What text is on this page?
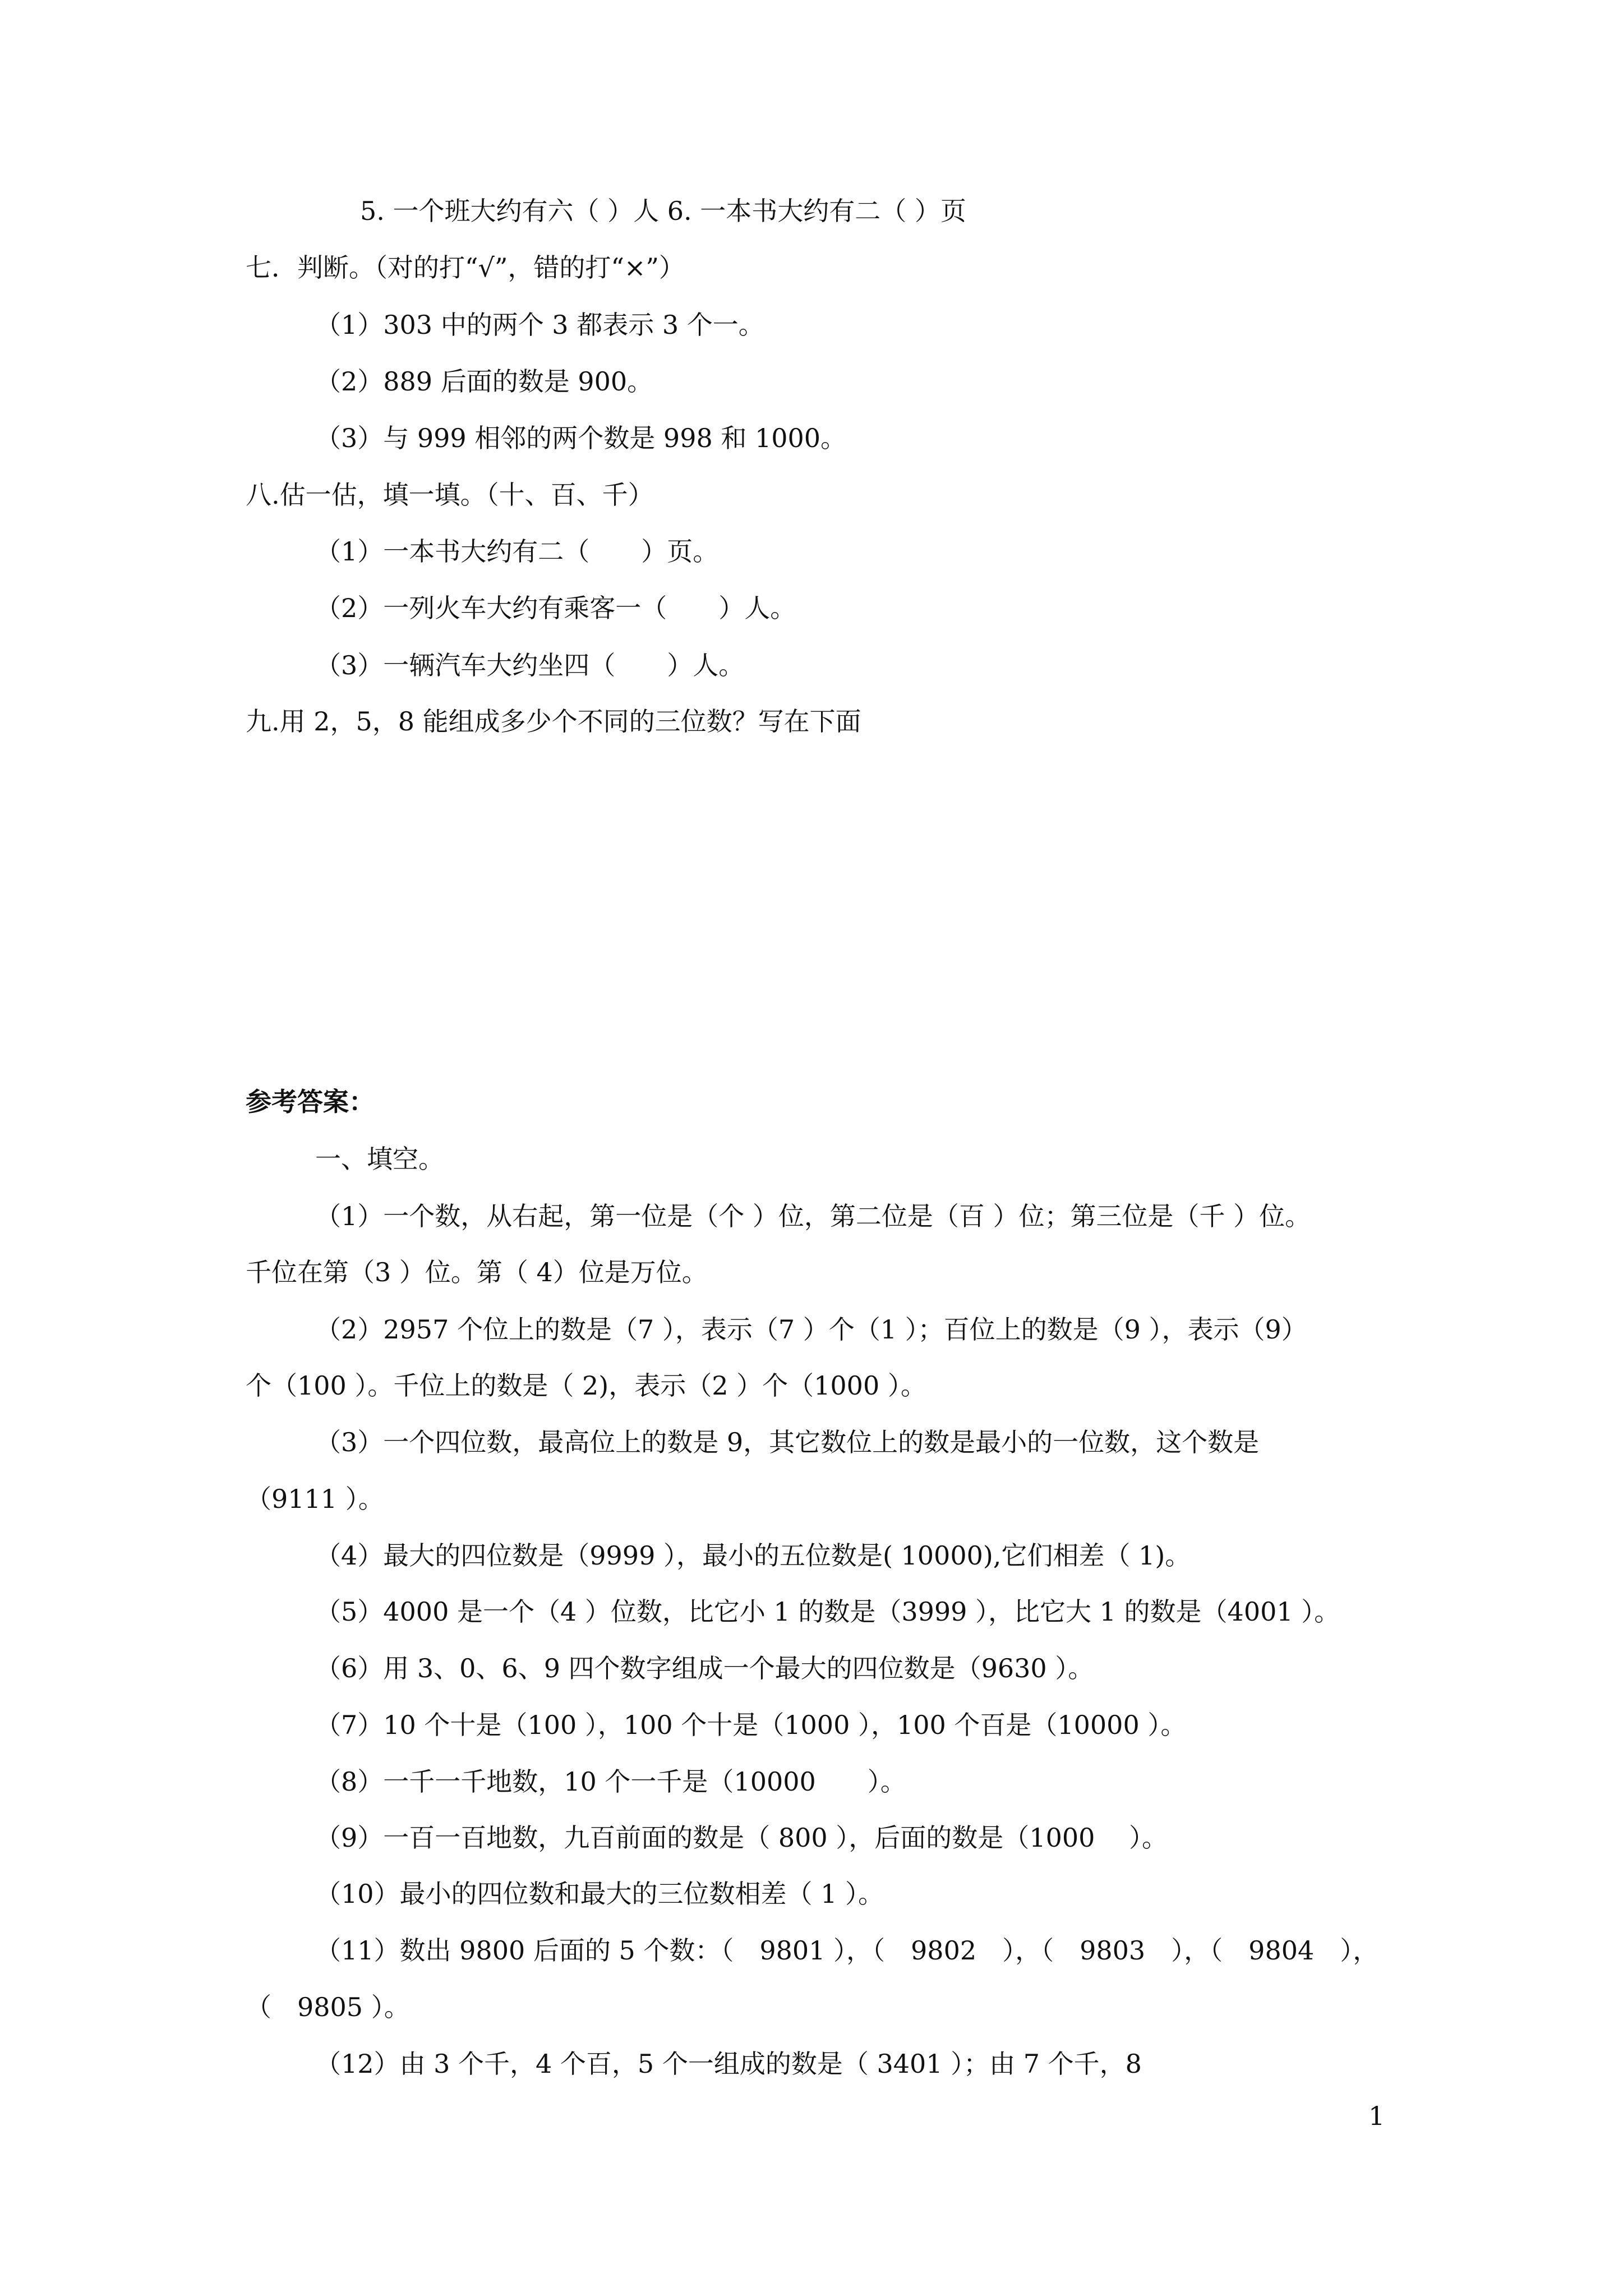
5. 一个班大约有六（ ）人 6. 一本书大约有二（ ）页

七．判断。（对的打“√”，错的打“×”）

（1）303 中的两个 3 都表示 3 个一。

（2）889 后面的数是 900。

（3）与 999 相邻的两个数是 998 和 1000。

八.估一估，填一填。（十、百、千）

（1）一本书大约有二（　　）页。

（2）一列火车大约有乘客一（　　）人。

（3）一辆汽车大约坐四（　　）人。

九.用 2，5，8 能组成多少个不同的三位数？写在下面

参考答案：

一、填空。

（1）一个数，从右起，第一位是（个 ）位，第二位是（百 ）位；第三位是（千 ）位。

千位在第（3 ）位。第（ 4）位是万位。

（2）2957 个位上的数是（7 ），表示（7 ）个（1 ）；百位上的数是（9 ），表示（9）

个（100 ）。千位上的数是（ 2)，表示（2 ）个（1000 ）。

（3）一个四位数，最高位上的数是 9，其它数位上的数是最小的一位数，这个数是

（9111 ）。

（4）最大的四位数是（9999 ），最小的五位数是( 10000),它们相差（ 1)。

（5）4000 是一个（4 ）位数，比它小 1 的数是（3999 ），比它大 1 的数是（4001 ）。

（6）用 3、0、6、9 四个数字组成一个最大的四位数是（9630 ）。

（7）10 个十是（100 ），100 个十是（1000 ），100 个百是（10000 ）。

（8）一千一千地数，10 个一千是（10000　　）。

（9）一百一百地数，九百前面的数是（ 800 ），后面的数是（1000　 ）。

（10）最小的四位数和最大的三位数相差（ 1 ）。

（11）数出 9800 后面的 5 个数：（　9801 ），（　9802　），（　9803　），（　9804　），

（　9805 ）。

（12）由 3 个千，4 个百，5 个一组成的数是（ 3401 ）；由 7 个千，8

1
